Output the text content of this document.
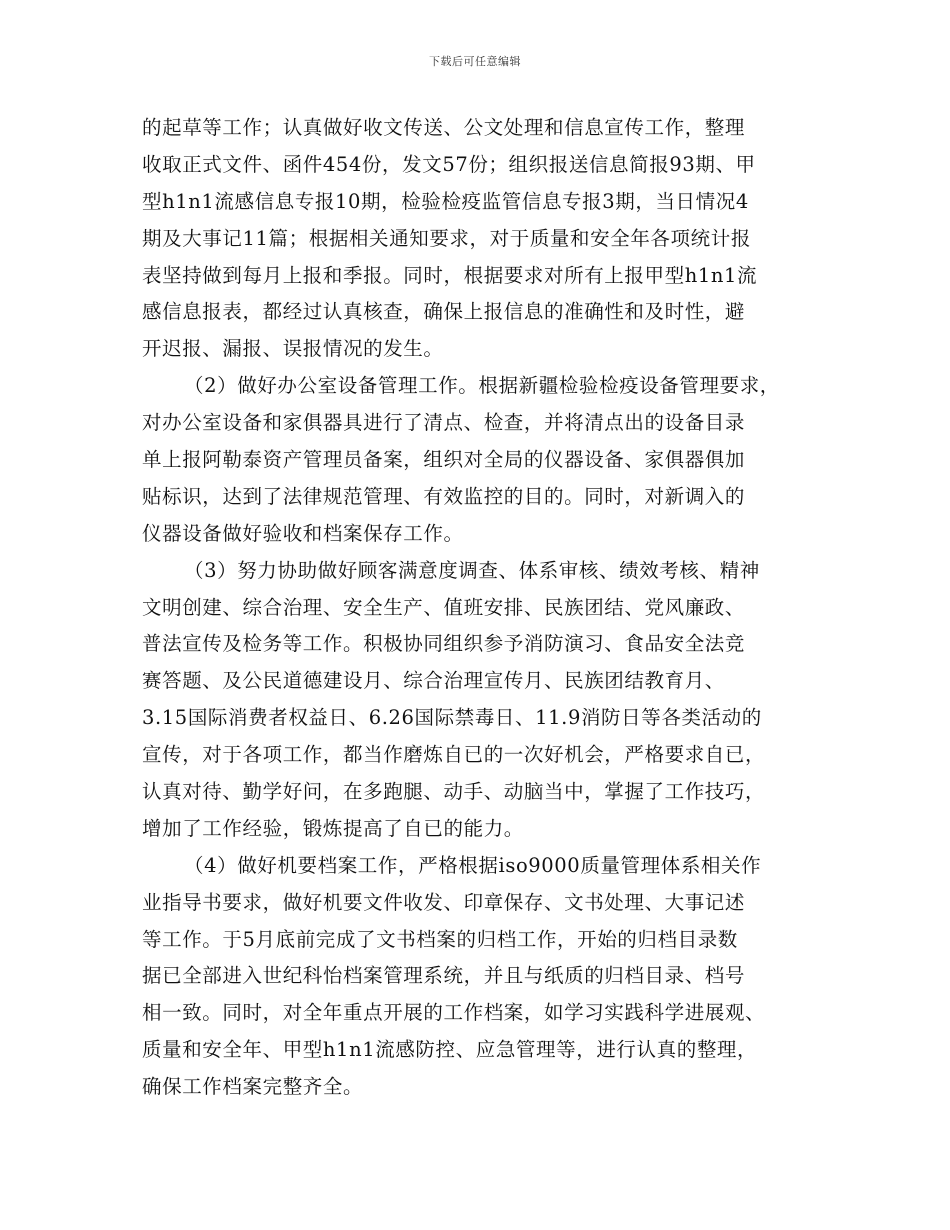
下载后可任意编辑
的起草等工作；认真做好收文传送、公文处理和信息宣传工作，整理
收取正式文件、函件454份，发文57份；组织报送信息简报93期、甲
型h1n1流感信息专报10期，检验检疫监管信息专报3期，当日情况4
期及大事记11篇；根据相关通知要求，对于质量和安全年各项统计报
表坚持做到每月上报和季报。同时，根据要求对所有上报甲型h1n1流
感信息报表，都经过认真核查，确保上报信息的准确性和及时性，避
开迟报、漏报、误报情况的发生。
（2）做好办公室设备管理工作。根据新疆检验检疫设备管理要求，
对办公室设备和家俱器具进行了清点、检查，并将清点出的设备目录
单上报阿勒泰资产管理员备案，组织对全局的仪器设备、家俱器俱加
贴标识，达到了法律规范管理、有效监控的目的。同时，对新调入的
仪器设备做好验收和档案保存工作。
（3）努力协助做好顾客满意度调查、体系审核、绩效考核、精神
文明创建、综合治理、安全生产、值班安排、民族团结、党风廉政、
普法宣传及检务等工作。积极协同组织参予消防演习、食品安全法竞
赛答题、及公民道德建设月、综合治理宣传月、民族团结教育月、
3.15国际消费者权益日、6.26国际禁毒日、11.9消防日等各类活动的
宣传，对于各项工作，都当作磨炼自已的一次好机会，严格要求自已，
认真对待、勤学好问，在多跑腿、动手、动脑当中，掌握了工作技巧，
增加了工作经验，锻炼提高了自已的能力。
（4）做好机要档案工作，严格根据iso9000质量管理体系相关作
业指导书要求，做好机要文件收发、印章保存、文书处理、大事记述
等工作。于5月底前完成了文书档案的归档工作，开始的归档目录数
据已全部进入世纪科怡档案管理系统，并且与纸质的归档目录、档号
相一致。同时，对全年重点开展的工作档案，如学习实践科学进展观、
质量和安全年、甲型h1n1流感防控、应急管理等，进行认真的整理，
确保工作档案完整齐全。
